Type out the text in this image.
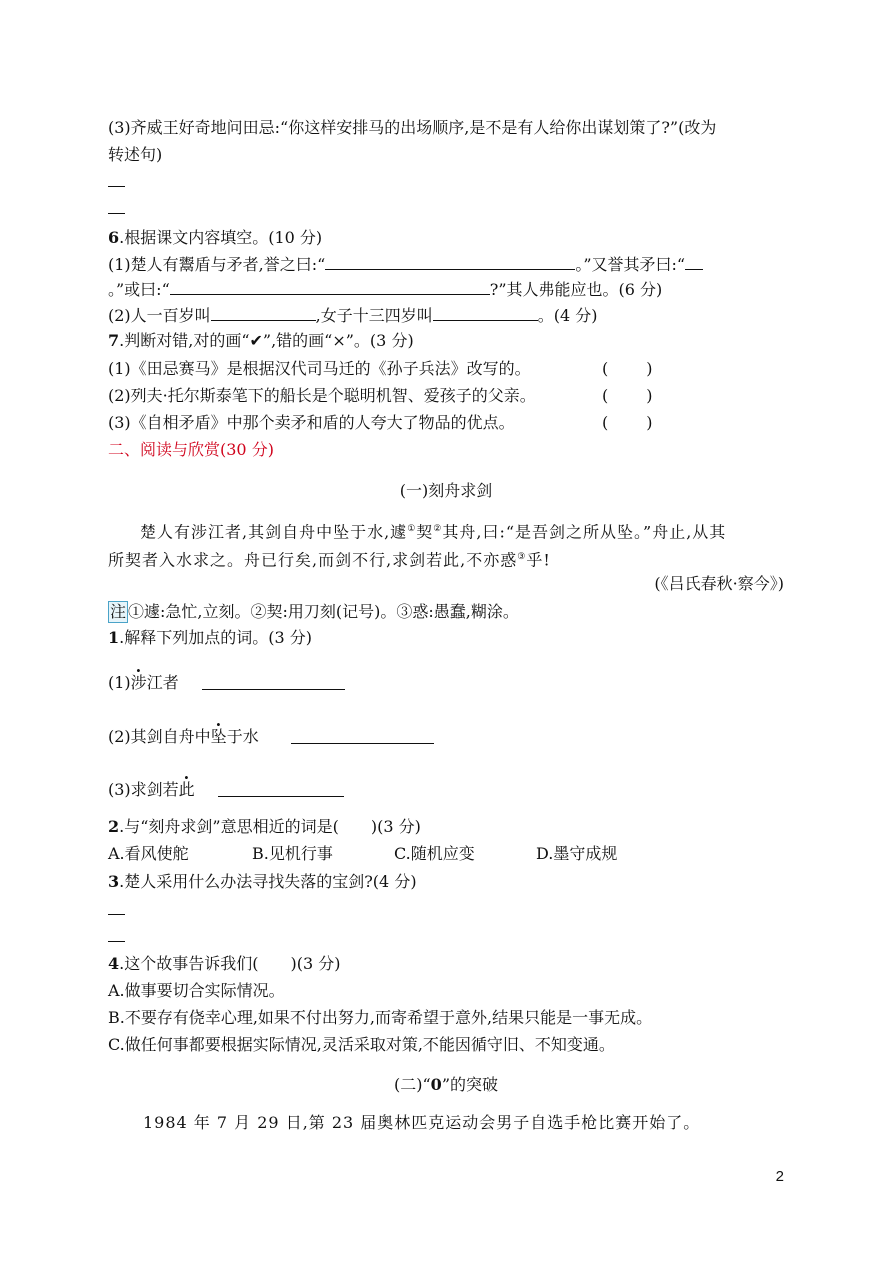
(3)齐威王好奇地问田忌:“你这样安排马的出场顺序,是不是有人给你出谋划策了?”(改为
转述句)
6.根据课文内容填空。(10 分)
(1)楚人有鬻盾与矛者,誉之曰:“	。”又誉其矛曰:“
。”或曰:“	?”其人弗能应也。(6 分)
(2)人一百岁叫	,女子十三四岁叫	。(4 分)
7.判断对错,对的画“✔”,错的画“×”。(3 分)
(1)《田忌赛马》是根据汉代司马迁的《孙子兵法》改写的。	( )
(2)列夫·托尔斯泰笔下的船长是个聪明机智、爱孩子的父亲。	( )
(3)《自相矛盾》中那个卖矛和盾的人夸大了物品的优点。	( )
二、阅读与欣赏(30 分)
(一)刻舟求剑
楚人有涉江者,其剑自舟中坠于水,遽①契②其舟,曰:“是吾剑之所从坠。”舟止,从其
所契者入水求之。舟已行矣,而剑不行,求剑若此,不亦惑③乎!
(《吕氏春秋·察今》)
注 ①遽:急忙,立刻。②契:用刀刻(记号)。③惑:愚蠢,糊涂。
1.解释下列加点的词。(3 分)
(1)涉江者
(2)其剑自舟中坠于水
(3)求剑若此
2.与“刻舟求剑”意思相近的词是(　　)(3 分)
A.看风使舵	B.见机行事	C.随机应变	D.墨守成规
3.楚人采用什么办法寻找失落的宝剑?(4 分)
4.这个故事告诉我们(　　)(3 分)
A.做事要切合实际情况。
B.不要存有侥幸心理,如果不付出努力,而寄希望于意外,结果只能是一事无成。
C.做任何事都要根据实际情况,灵活采取对策,不能因循守旧、不知变通。
(二)“0”的突破
1984 年 7 月 29 日,第 23 届奥林匹克运动会男子自选手枪比赛开始了。
2
